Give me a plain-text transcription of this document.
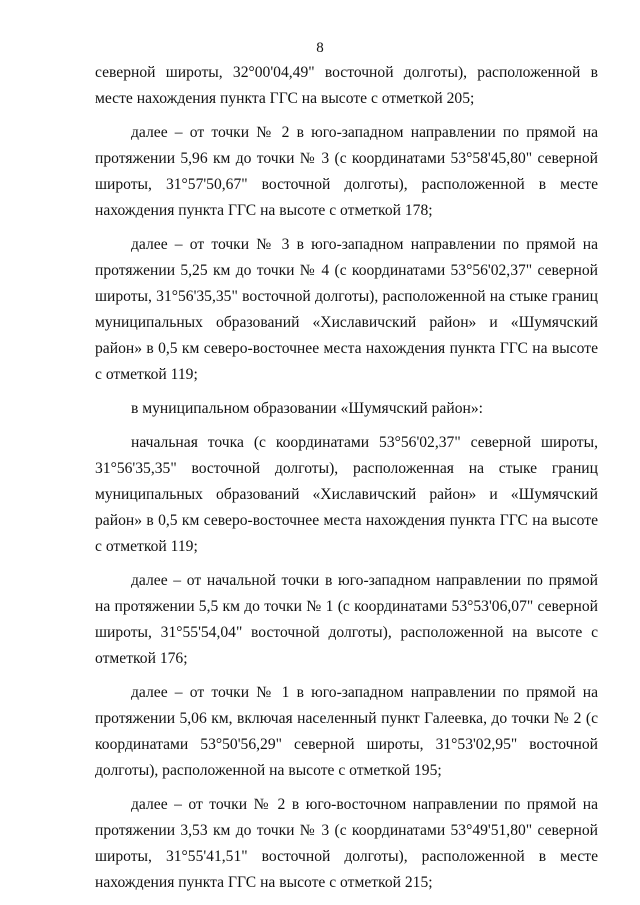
8

северной широты, 32°00'04,49" восточной долготы), расположенной в месте нахождения пункта ГГС на высоте с отметкой 205;

далее – от точки № 2 в юго-западном направлении по прямой на протяжении 5,96 км до точки № 3 (с координатами 53°58'45,80" северной широты, 31°57'50,67" восточной долготы), расположенной в месте нахождения пункта ГГС на высоте с отметкой 178;

далее – от точки № 3 в юго-западном направлении по прямой на протяжении 5,25 км до точки № 4 (с координатами 53°56'02,37" северной широты, 31°56'35,35" восточной долготы), расположенной на стыке границ муниципальных образований «Хиславичский район» и «Шумячский район» в 0,5 км северо-восточнее места нахождения пункта ГГС на высоте с отметкой 119;

в муниципальном образовании «Шумячский район»:

начальная точка (с координатами 53°56'02,37" северной широты, 31°56'35,35" восточной долготы), расположенная на стыке границ муниципальных образований «Хиславичский район» и «Шумячский район» в 0,5 км северо-восточнее места нахождения пункта ГГС на высоте с отметкой 119;

далее – от начальной точки в юго-западном направлении по прямой на протяжении 5,5 км до точки № 1 (с координатами 53°53'06,07" северной широты, 31°55'54,04" восточной долготы), расположенной на высоте с отметкой 176;

далее – от точки № 1 в юго-западном направлении по прямой на протяжении 5,06 км, включая населенный пункт Галеевка, до точки № 2 (с координатами 53°50'56,29" северной широты, 31°53'02,95" восточной долготы), расположенной на высоте с отметкой 195;

далее – от точки № 2 в юго-восточном направлении по прямой на протяжении 3,53 км до точки № 3 (с координатами 53°49'51,80" северной широты, 31°55'41,51" восточной долготы), расположенной в месте нахождения пункта ГГС на высоте с отметкой 215;
